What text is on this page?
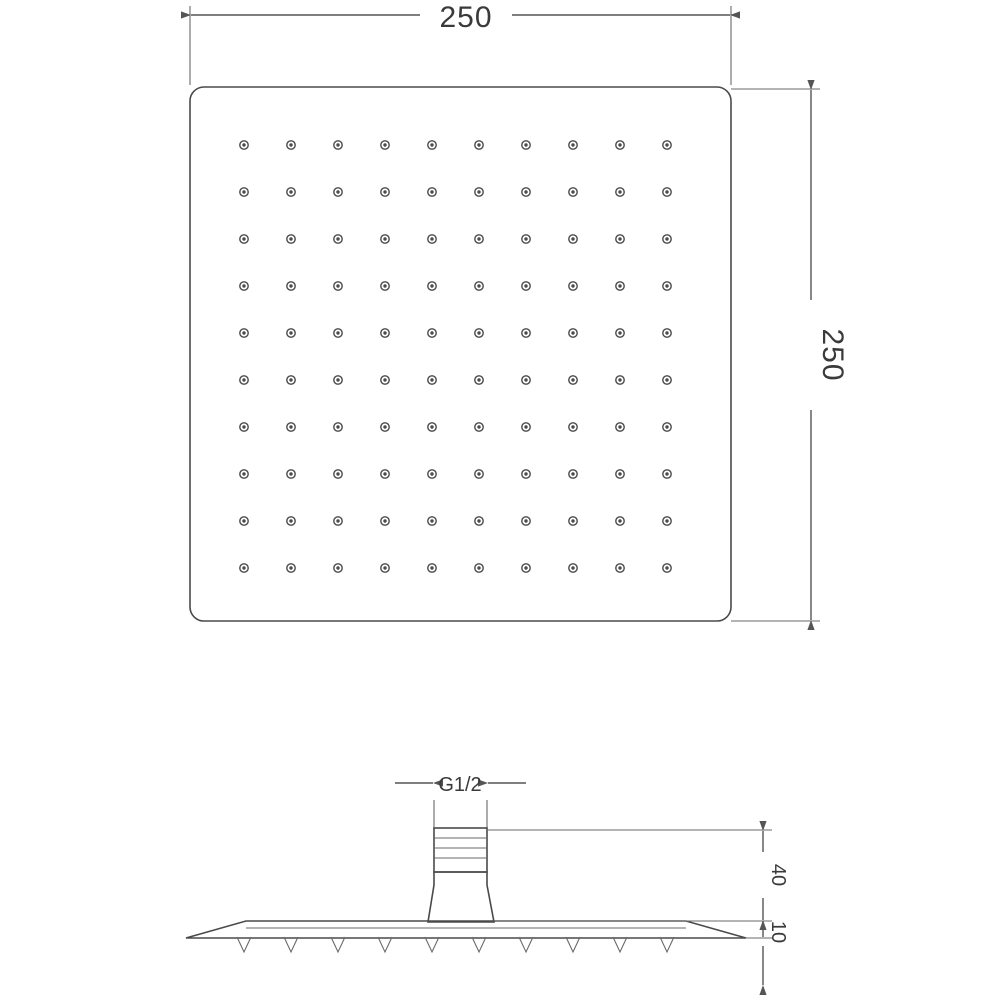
250
250
G1/2
40
10
